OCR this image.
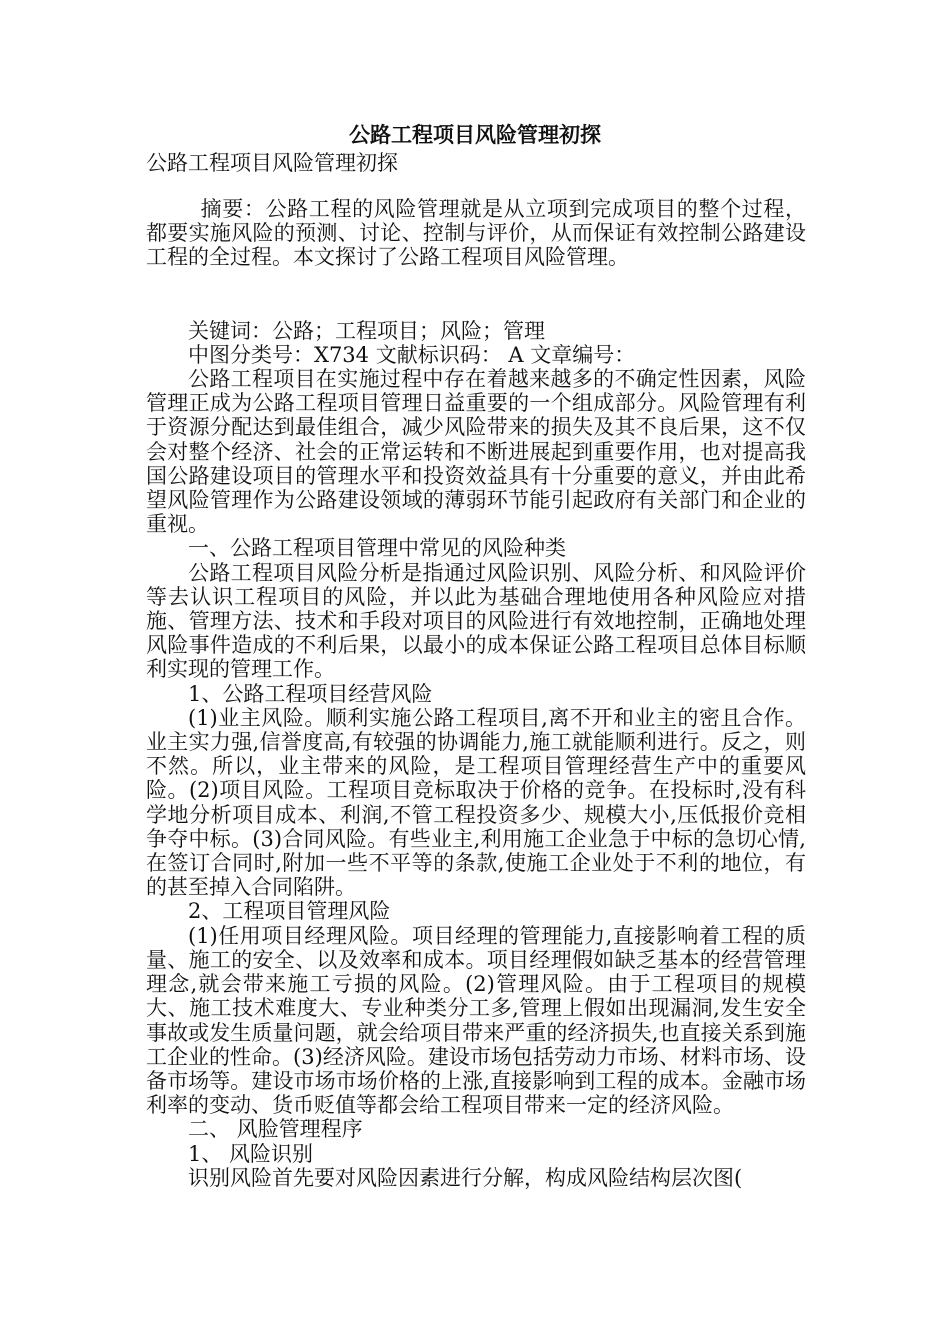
公路工程项目风险管理初探
公路工程项目风险管理初探

摘要：公路工程的风险管理就是从立项到完成项目的整个过程，都要实施风险的预测、讨论、控制与评价，从而保证有效控制公路建设工程的全过程。本文探讨了公路工程项目风险管理。

关键词：公路；工程项目；风险；管理

中图分类号：X734 文献标识码： A 文章编号：

公路工程项目在实施过程中存在着越来越多的不确定性因素，风险管理正成为公路工程项目管理日益重要的一个组成部分。风险管理有利于资源分配达到最佳组合，减少风险带来的损失及其不良后果，这不仅会对整个经济、社会的正常运转和不断进展起到重要作用，也对提高我国公路建设项目的管理水平和投资效益具有十分重要的意义，并由此希望风险管理作为公路建设领域的薄弱环节能引起政府有关部门和企业的重视。

一、公路工程项目管理中常见的风险种类

公路工程项目风险分析是指通过风险识别、风险分析、和风险评价等去认识工程项目的风险，并以此为基础合理地使用各种风险应对措施、管理方法、技术和手段对项目的风险进行有效地控制，正确地处理风险事件造成的不利后果，以最小的成本保证公路工程项目总体目标顺利实现的管理工作。

1、公路工程项目经营风险

(1)业主风险。顺利实施公路工程项目,离不开和业主的密且合作。业主实力强,信誉度高,有较强的协调能力,施工就能顺利进行。反之，则不然。所以，业主带来的风险，是工程项目管理经营生产中的重要风险。(2)项目风险。工程项目竞标取决于价格的竞争。在投标时,没有科学地分析项目成本、利润,不管工程投资多少、规模大小,压低报价竞相争夺中标。(3)合同风险。有些业主,利用施工企业急于中标的急切心情,在签订合同时,附加一些不平等的条款,使施工企业处于不利的地位，有的甚至掉入合同陷阱。

2、工程项目管理风险

(1)任用项目经理风险。项目经理的管理能力,直接影响着工程的质量、施工的安全、以及效率和成本。项目经理假如缺乏基本的经营管理理念,就会带来施工亏损的风险。(2)管理风险。由于工程项目的规模大、施工技术难度大、专业种类分工多,管理上假如出现漏洞,发生安全事故或发生质量问题，就会给项目带来严重的经济损失,也直接关系到施工企业的性命。(3)经济风险。建设市场包括劳动力市场、材料市场、设备市场等。建设市场市场价格的上涨,直接影响到工程的成本。金融市场利率的变动、货币贬值等都会给工程项目带来一定的经济风险。

二、 风脸管理程序

1、 风险识别

识别风险首先要对风险因素进行分解，构成风险结构层次图(
